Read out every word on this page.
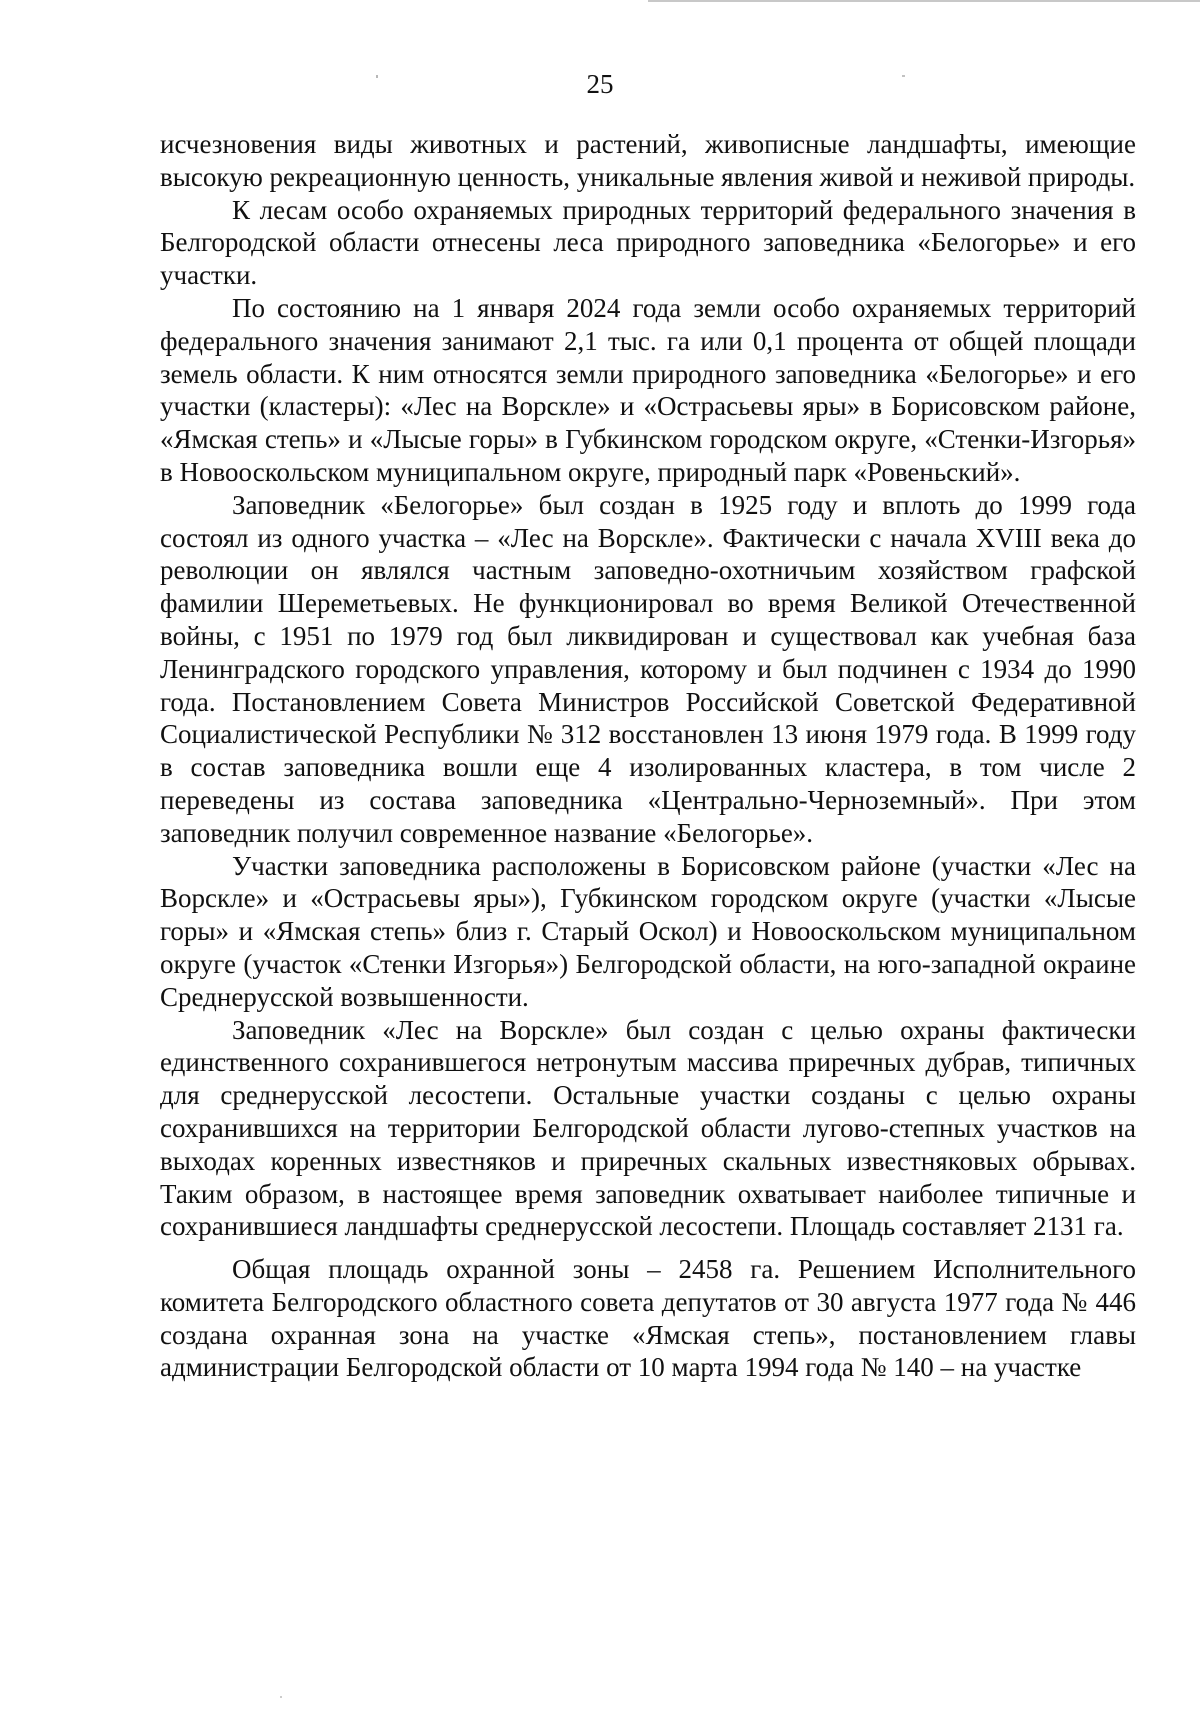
25

исчезновения виды животных и растений, живописные ландшафты, имеющие высокую рекреационную ценность, уникальные явления живой и неживой природы.

К лесам особо охраняемых природных территорий федерального значения в Белгородской области отнесены леса природного заповедника «Белогорье» и его участки.

По состоянию на 1 января 2024 года земли особо охраняемых территорий федерального значения занимают 2,1 тыс. га или 0,1 процента от общей площади земель области. К ним относятся земли природного заповедника «Белогорье» и его участки (кластеры): «Лес на Ворскле» и «Острасьевы яры» в Борисовском районе, «Ямская степь» и «Лысые горы» в Губкинском городском округе, «Стенки-Изгорья» в Новооскольском муниципальном округе, природный парк «Ровеньский».

Заповедник «Белогорье» был создан в 1925 году и вплоть до 1999 года состоял из одного участка – «Лес на Ворскле». Фактически с начала XVIII века до революции он являлся частным заповедно-охотничьим хозяйством графской фамилии Шереметьевых. Не функционировал во время Великой Отечественной войны, с 1951 по 1979 год был ликвидирован и существовал как учебная база Ленинградского городского управления, которому и был подчинен с 1934 до 1990 года. Постановлением Совета Министров Российской Советской Федеративной Социалистической Республики № 312 восстановлен 13 июня 1979 года. В 1999 году в состав заповедника вошли еще 4 изолированных кластера, в том числе 2 переведены из состава заповедника «Центрально-Черноземный». При этом заповедник получил современное название «Белогорье».

Участки заповедника расположены в Борисовском районе (участки «Лес на Ворскле» и «Острасьевы яры»), Губкинском городском округе (участки «Лысые горы» и «Ямская степь» близ г. Старый Оскол) и Новооскольском муниципальном округе (участок «Стенки Изгорья») Белгородской области, на юго-западной окраине Среднерусской возвышенности.

Заповедник «Лес на Ворскле» был создан с целью охраны фактически единственного сохранившегося нетронутым массива приречных дубрав, типичных для среднерусской лесостепи. Остальные участки созданы с целью охраны сохранившихся на территории Белгородской области лугово-степных участков на выходах коренных известняков и приречных скальных известняковых обрывах. Таким образом, в настоящее время заповедник охватывает наиболее типичные и сохранившиеся ландшафты среднерусской лесостепи. Площадь составляет 2131 га.

Общая площадь охранной зоны – 2458 га. Решением Исполнительного комитета Белгородского областного совета депутатов от 30 августа 1977 года № 446 создана охранная зона на участке «Ямская степь», постановлением главы администрации Белгородской области от 10 марта 1994 года № 140 – на участке
